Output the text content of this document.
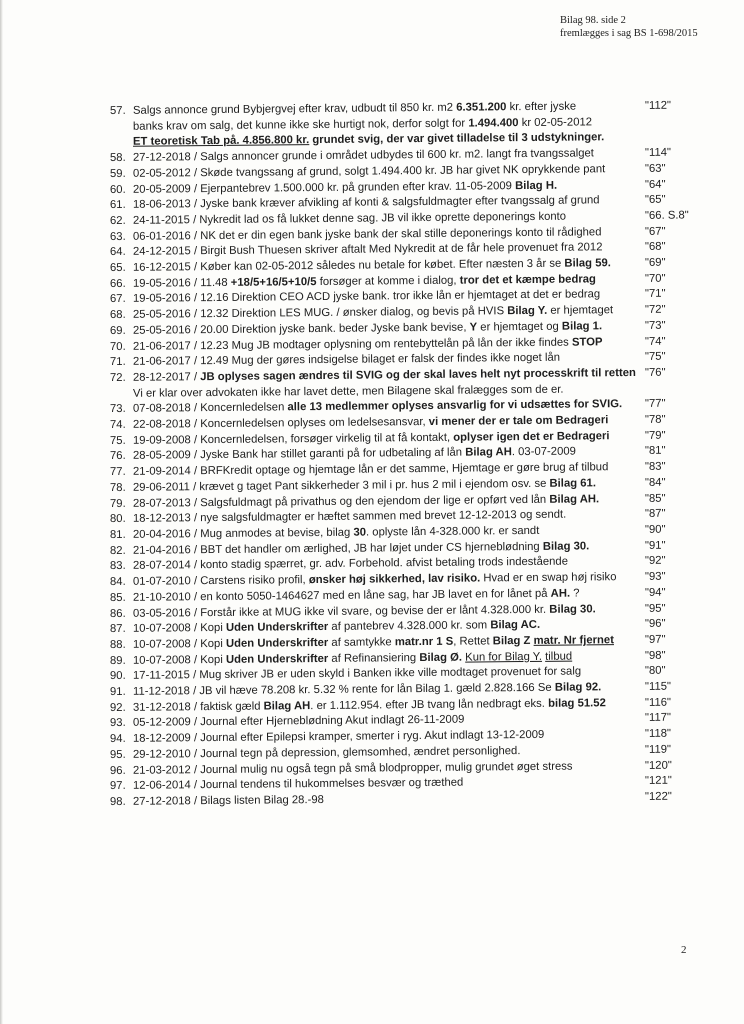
Bilag 98. side 2
fremlægges i sag BS 1-698/2015
57. Salgs annonce grund Bybjergvej efter krav, udbudt til 850 kr. m2 6.351.200 kr. efter jyske	"112"
banks krav om salg, det kunne ikke ske hurtigt nok, derfor solgt for 1.494.400 kr 02-05-2012
ET teoretisk Tab på. 4.856.800 kr. grundet svig, der var givet tilladelse til 3 udstykninger.
58. 27-12-2018 / Salgs annoncer grunde i området udbydes til 600 kr. m2. langt fra tvangssalget	"114"
59. 02-05-2012 / Skøde tvangssang af grund, solgt 1.494.400 kr. JB har givet NK oprykkende pant	"63"
60. 20-05-2009 / Ejerpantebrev 1.500.000 kr. på grunden efter krav. 11-05-2009 Bilag H.	"64"
61. 18-06-2013 / Jyske bank kræver afvikling af konti & salgsfuldmagter efter tvangssalg af grund	"65"
62. 24-11-2015 / Nykredit lad os få lukket denne sag. JB vil ikke oprette deponerings konto	"66. S.8"
63. 06-01-2016 / NK det er din egen bank jyske bank der skal stille deponerings konto til rådighed	"67"
64. 24-12-2015 / Birgit Bush Thuesen skriver aftalt Med Nykredit at de får hele provenuet fra 2012	"68"
65. 16-12-2015 / Køber kan 02-05-2012 således nu betale for købet. Efter næsten 3 år se Bilag 59.	"69"
66. 19-05-2016 / 11.48 +18/5+16/5+10/5 forsøger at komme i dialog, tror det et kæmpe bedrag	"70"
67. 19-05-2016 / 12.16 Direktion CEO ACD jyske bank. tror ikke lån er hjemtaget at det er bedrag	"71"
68. 25-05-2016 / 12.32 Direktion LES MUG. / ønsker dialog, og bevis på HVIS Bilag Y. er hjemtaget	"72"
69. 25-05-2016 / 20.00 Direktion jyske bank. beder Jyske bank bevise, Y er hjemtaget og Bilag 1.	"73"
70. 21-06-2017 / 12.23 Mug JB modtager oplysning om rentebyttelån på lån der ikke findes STOP	"74"
71. 21-06-2017 / 12.49 Mug der gøres indsigelse bilaget er falsk der findes ikke noget lån	"75"
72. 28-12-2017 / JB oplyses sagen ændres til SVIG og der skal laves helt nyt processkrift til retten "76"
Vi er klar over advokaten ikke har lavet dette, men Bilagene skal fralægges som de er.
73. 07-08-2018 / Koncernledelsen alle 13 medlemmer oplyses ansvarlig for vi udsættes for SVIG. "77"
74. 22-08-2018 / Koncernledelsen oplyses om ledelsesansvar, vi mener der er tale om Bedrageri	"78"
75. 19-09-2008 / Koncernledelsen, forsøger virkelig til at få kontakt, oplyser igen det er Bedrageri	"79"
76. 28-05-2009 / Jyske Bank har stillet garanti på for udbetaling af lån Bilag AH. 03-07-2009	"81"
77. 21-09-2014 / BRFKredit optage og hjemtage lån er det samme, Hjemtage er gøre brug af tilbud	"83"
78. 29-06-2011 / krævet g taget Pant sikkerheder 3 mil i pr. hus 2 mil i ejendom osv. se Bilag 61.	"84"
79. 28-07-2013 / Salgsfuldmagt på privathus og den ejendom der lige er opført ved lån Bilag AH.	"85"
80. 18-12-2013 / nye salgsfuldmagter er hæftet sammen med brevet 12-12-2013 og sendt.	"87"
81. 20-04-2016 / Mug anmodes at bevise, bilag 30. oplyste lån 4-328.000 kr. er sandt	"90"
82. 21-04-2016 / BBT det handler om ærlighed, JB har løjet under CS hjerneblødning Bilag 30.	"91"
83. 28-07-2014 / konto stadig spærret, gr. adv. Forbehold. afvist betaling trods indestående	"92"
84. 01-07-2010 / Carstens risiko profil, ønsker høj sikkerhed, lav risiko. Hvad er en swap høj risiko	"93"
85. 21-10-2010 / en konto 5050-1464627 med en låne sag, har JB lavet en for lånet på AH. ?	"94"
86. 03-05-2016 / Forstår ikke at MUG ikke vil svare, og bevise der er lånt 4.328.000 kr. Bilag 30.	"95"
87. 10-07-2008 / Kopi Uden Underskrifter af pantebrev 4.328.000 kr. som Bilag AC.	"96"
88. 10-07-2008 / Kopi Uden Underskrifter af samtykke matr.nr 1 S, Rettet Bilag Z matr. Nr fjernet	"97"
89. 10-07-2008 / Kopi Uden Underskrifter af Refinansiering Bilag Ø. Kun for Bilag Y. tilbud	"98"
90. 17-11-2015 / Mug skriver JB er uden skyld i Banken ikke ville modtaget provenuet for salg	"80"
91. 11-12-2018 / JB vil hæve 78.208 kr. 5.32 % rente for lån Bilag 1. gæld 2.828.166 Se Bilag 92.	"115"
92. 31-12-2018 / faktisk gæld Bilag AH. er 1.112.954. efter JB tvang lån nedbragt eks. bilag 51.52	"116"
93. 05-12-2009 / Journal efter Hjerneblødning Akut indlagt 26-11-2009	"117"
94. 18-12-2009 / Journal efter Epilepsi kramper, smerter i ryg. Akut indlagt 13-12-2009	"118"
95. 29-12-2010 / Journal tegn på depression, glemsomhed, ændret personlighed.	"119"
96. 21-03-2012 / Journal mulig nu også tegn på små blodpropper, mulig grundet øget stress	"120"
97. 12-06-2014 / Journal tendens til hukommelses besvær og træthed	"121"
98. 27-12-2018 / Bilags listen Bilag 28.-98	"122"
2
